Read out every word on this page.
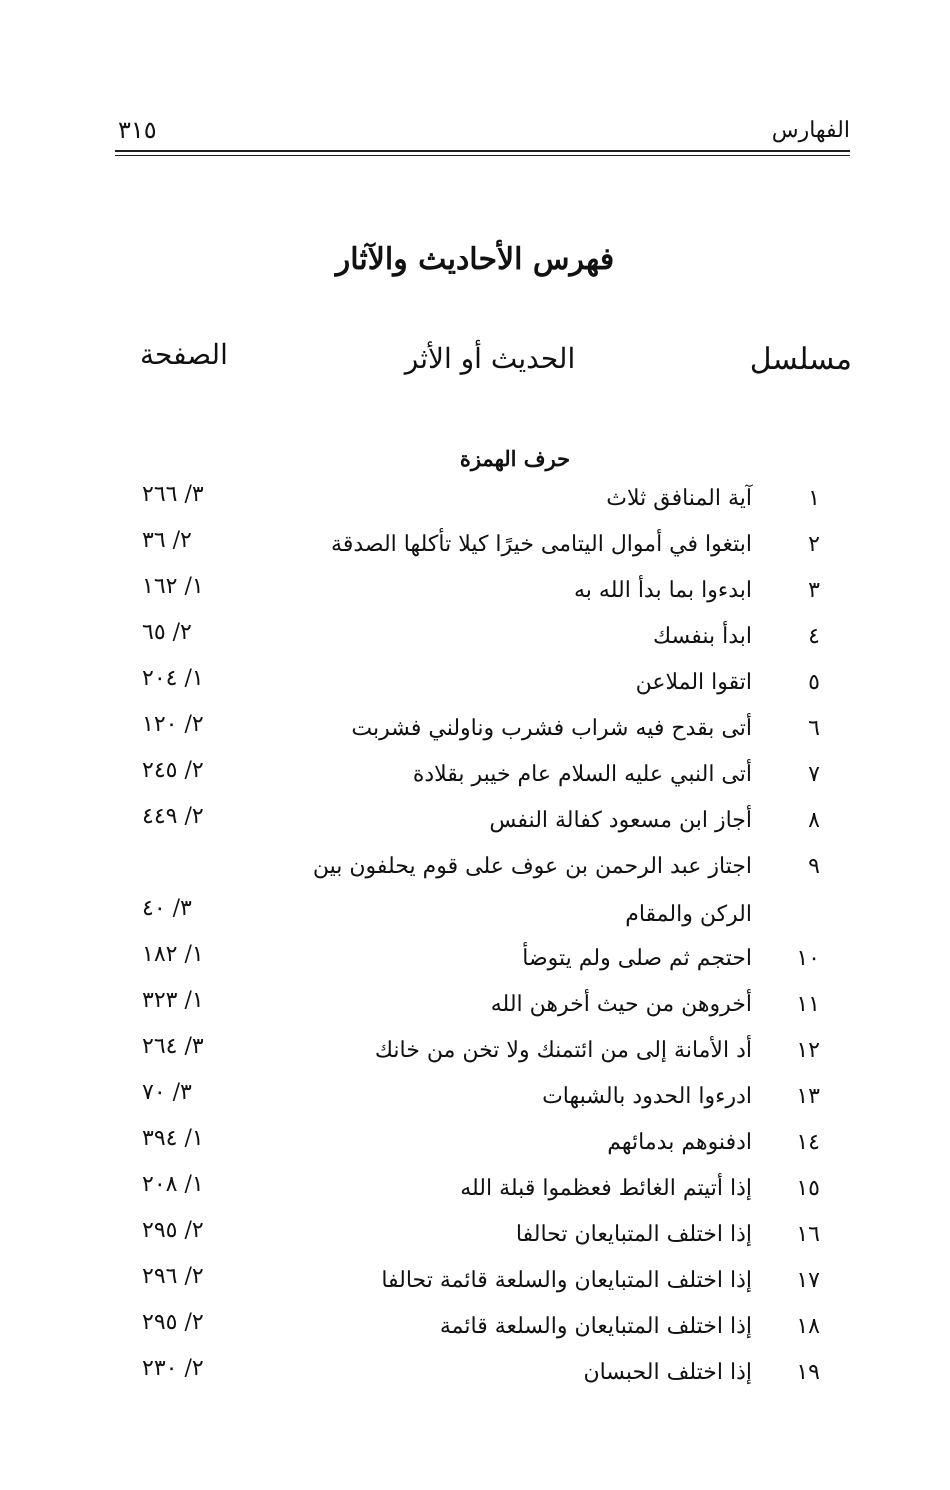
الفهارس
٣١٥
فهرس الأحاديث والآثار
مسلسل
الحديث أو الأثر
الصفحة
حرف الهمزة
١
آية المنافق ثلاث
٣/ ٢٦٦
٢
ابتغوا في أموال اليتامى خيرًا كيلا تأكلها الصدقة
٢/ ٣٦
٣
ابدءوا بما بدأ الله به
١/ ١٦٢
٤
ابدأ بنفسك
٢/ ٦٥
٥
اتقوا الملاعن
١/ ٢٠٤
٦
أتى بقدح فيه شراب فشرب وناولني فشربت
٢/ ١٢٠
٧
أتى النبي عليه السلام عام خيبر بقلادة
٢/ ٢٤٥
٨
أجاز ابن مسعود كفالة النفس
٢/ ٤٤٩
٩
اجتاز عبد الرحمن بن عوف على قوم يحلفون بين
الركن والمقام
٣/ ٤٠
١٠
احتجم ثم صلى ولم يتوضأ
١/ ١٨٢
١١
أخروهن من حيث أخرهن الله
١/ ٣٢٣
١٢
أد الأمانة إلى من ائتمنك ولا تخن من خانك
٣/ ٢٦٤
١٣
ادرءوا الحدود بالشبهات
٣/ ٧٠
١٤
ادفنوهم بدمائهم
١/ ٣٩٤
١٥
إذا أتيتم الغائط فعظموا قبلة الله
١/ ٢٠٨
١٦
إذا اختلف المتبايعان تحالفا
٢/ ٢٩٥
١٧
إذا اختلف المتبايعان والسلعة قائمة تحالفا
٢/ ٢٩٦
١٨
إذا اختلف المتبايعان والسلعة قائمة
٢/ ٢٩٥
١٩
إذا اختلف الحبسان
٢/ ٢٣٠
